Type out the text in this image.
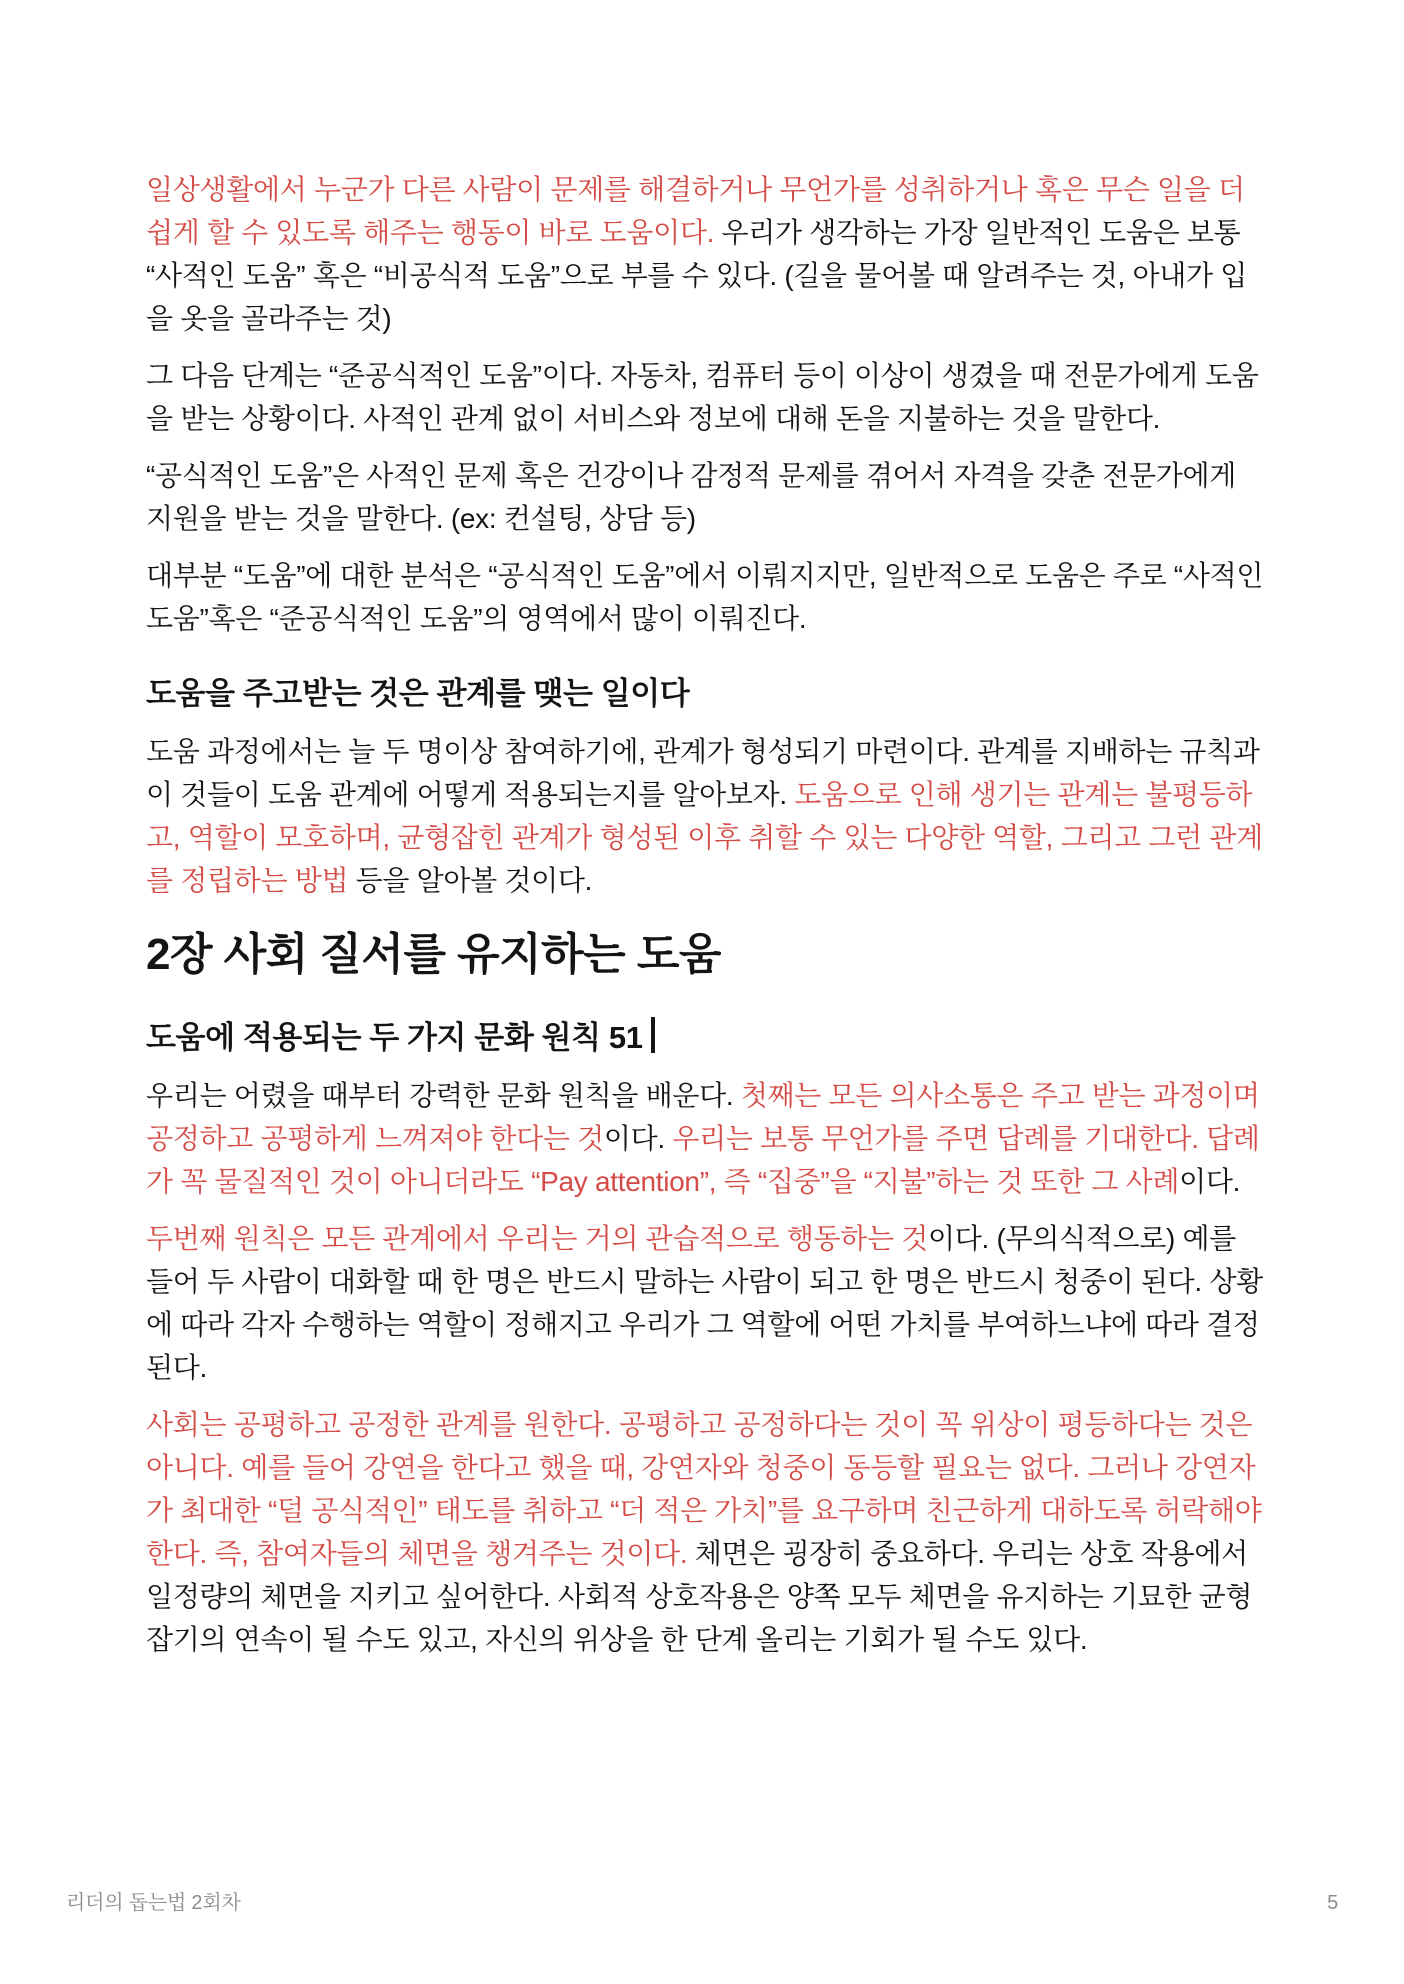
일상생활에서 누군가 다른 사람이 문제를 해결하거나 무언가를 성취하거나 혹은 무슨 일을 더 쉽게 할 수 있도록 해주는 행동이 바로 도움이다. 우리가 생각하는 가장 일반적인 도움은 보통 “사적인 도움” 혹은 “비공식적 도움”으로 부를 수 있다. (길을 물어볼 때 알려주는 것, 아내가 입을 옷을 골라주는 것)

그 다음 단계는 “준공식적인 도움”이다. 자동차, 컴퓨터 등이 이상이 생겼을 때 전문가에게 도움을 받는 상황이다. 사적인 관계 없이 서비스와 정보에 대해 돈을 지불하는 것을 말한다.

“공식적인 도움”은 사적인 문제 혹은 건강이나 감정적 문제를 겪어서 자격을 갖춘 전문가에게 지원을 받는 것을 말한다. (ex: 컨설팅, 상담 등)

대부분 “도움”에 대한 분석은 “공식적인 도움”에서 이뤄지지만, 일반적으로 도움은 주로 “사적인 도움”혹은 “준공식적인 도움”의 영역에서 많이 이뤄진다.

도움을 주고받는 것은 관계를 맺는 일이다

도움 과정에서는 늘 두 명이상 참여하기에, 관계가 형성되기 마련이다. 관계를 지배하는 규칙과 이 것들이 도움 관계에 어떻게 적용되는지를 알아보자. 도움으로 인해 생기는 관계는 불평등하고, 역할이 모호하며, 균형잡힌 관계가 형성된 이후 취할 수 있는 다양한 역할, 그리고 그런 관계를 정립하는 방법 등을 알아볼 것이다.

2장 사회 질서를 유지하는 도움
도움에 적용되는 두 가지 문화 원칙 51

우리는 어렸을 때부터 강력한 문화 원칙을 배운다. 첫째는 모든 의사소통은 주고 받는 과정이며 공정하고 공평하게 느껴져야 한다는 것이다. 우리는 보통 무언가를 주면 답례를 기대한다. 답례가 꼭 물질적인 것이 아니더라도 “Pay attention”, 즉 “집중”을 “지불”하는 것 또한 그 사례이다.

두번째 원칙은 모든 관계에서 우리는 거의 관습적으로 행동하는 것이다. (무의식적으로) 예를 들어 두 사람이 대화할 때 한 명은 반드시 말하는 사람이 되고 한 명은 반드시 청중이 된다. 상황에 따라 각자 수행하는 역할이 정해지고 우리가 그 역할에 어떤 가치를 부여하느냐에 따라 결정 된다.

사회는 공평하고 공정한 관계를 원한다. 공평하고 공정하다는 것이 꼭 위상이 평등하다는 것은 아니다. 예를 들어 강연을 한다고 했을 때, 강연자와 청중이 동등할 필요는 없다. 그러나 강연자가 최대한 “덜 공식적인” 태도를 취하고 “더 적은 가치”를 요구하며 친근하게 대하도록 허락해야 한다. 즉, 참여자들의 체면을 챙겨주는 것이다. 체면은 굉장히 중요하다. 우리는 상호 작용에서 일정량의 체면을 지키고 싶어한다. 사회적 상호작용은 양쪽 모두 체면을 유지하는 기묘한 균형잡기의 연속이 될 수도 있고, 자신의 위상을 한 단계 올리는 기회가 될 수도 있다.

리더의 돕는법 2회차	5
